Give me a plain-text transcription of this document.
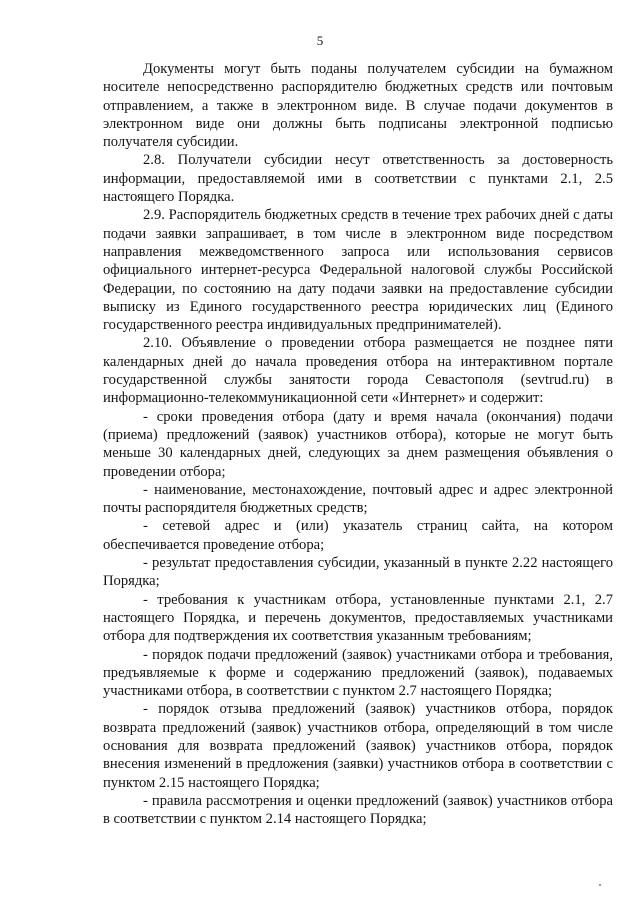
5

Документы могут быть поданы получателем субсидии на бумажном носителе непосредственно распорядителю бюджетных средств или почтовым отправлением, а также в электронном виде. В случае подачи документов в электронном виде они должны быть подписаны электронной подписью получателя субсидии.

2.8. Получатели субсидии несут ответственность за достоверность информации, предоставляемой ими в соответствии с пунктами 2.1, 2.5 настоящего Порядка.

2.9. Распорядитель бюджетных средств в течение трех рабочих дней с даты подачи заявки запрашивает, в том числе в электронном виде посредством направления межведомственного запроса или использования сервисов официального интернет-ресурса Федеральной налоговой службы Российской Федерации, по состоянию на дату подачи заявки на предоставление субсидии выписку из Единого государственного реестра юридических лиц (Единого государственного реестра индивидуальных предпринимателей).

2.10. Объявление о проведении отбора размещается не позднее пяти календарных дней до начала проведения отбора на интерактивном портале государственной службы занятости города Севастополя (sevtrud.ru) в информационно-телекоммуникационной сети «Интернет» и содержит:

- сроки проведения отбора (дату и время начала (окончания) подачи (приема) предложений (заявок) участников отбора), которые не могут быть меньше 30 календарных дней, следующих за днем размещения объявления о проведении отбора;

- наименование, местонахождение, почтовый адрес и адрес электронной почты распорядителя бюджетных средств;

- сетевой адрес и (или) указатель страниц сайта, на котором обеспечивается проведение отбора;

- результат предоставления субсидии, указанный в пункте 2.22 настоящего Порядка;

- требования к участникам отбора, установленные пунктами 2.1, 2.7 настоящего Порядка, и перечень документов, предоставляемых участниками отбора для подтверждения их соответствия указанным требованиям;

- порядок подачи предложений (заявок) участниками отбора и требования, предъявляемые к форме и содержанию предложений (заявок), подаваемых участниками отбора, в соответствии с пунктом 2.7 настоящего Порядка;

- порядок отзыва предложений (заявок) участников отбора, порядок возврата предложений (заявок) участников отбора, определяющий в том числе основания для возврата предложений (заявок) участников отбора, порядок внесения изменений в предложения (заявки) участников отбора в соответствии с пунктом 2.15 настоящего Порядка;

- правила рассмотрения и оценки предложений (заявок) участников отбора в соответствии с пунктом 2.14 настоящего Порядка;
